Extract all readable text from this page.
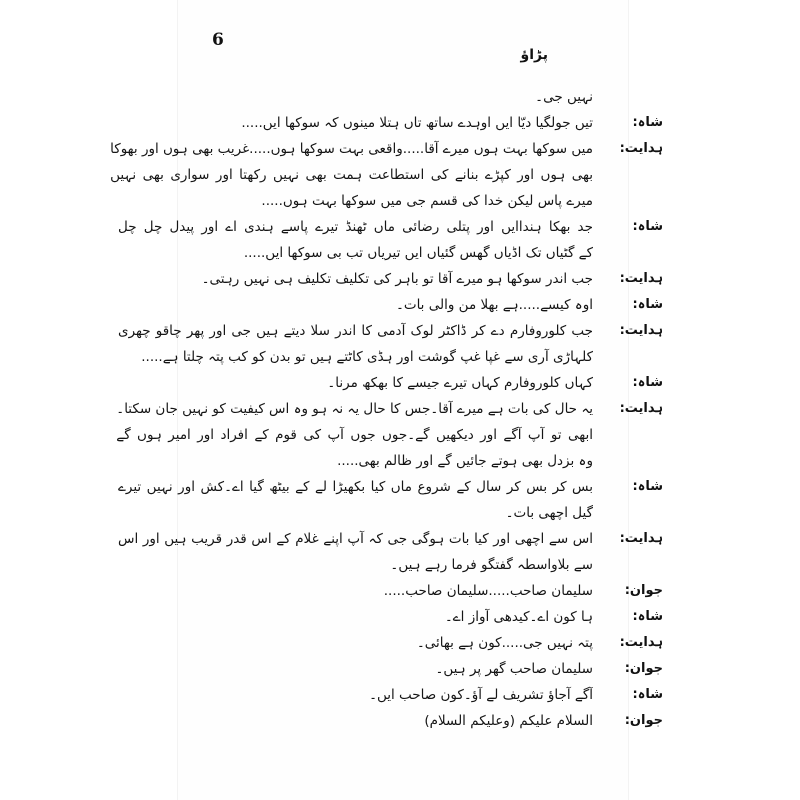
6
پڑاؤ
نہیں جی۔
شاہ:
تیں جولگیا دیّا ایں اوہدے ساتھ تاں ہتلا مینوں کہ سوکھا ایں.....
ہدایت:
میں سوکھا بہت ہوں میرے آقا.....واقعی بہت سوکھا ہوں.....غریب بھی ہوں اور بھوکا
بھی ہوں اور کپڑے بنانے کی استطاعت ہمت بھی نہیں رکھتا اور سواری بھی نہیں
میرے پاس لیکن خدا کی قسم جی میں سوکھا بہت ہوں.....
شاہ:
جد بھکا ہنداایں اور پتلی رضائی ماں ٹھنڈ تیرے پاسے ہندی اے اور پیدل چل چل
کے گٹیاں تک اڈیاں گھس گئیاں ایں تیریاں تب بی سوکھا ایں.....
ہدایت:
جب اندر سوکھا ہو میرے آقا تو باہر کی تکلیف تکلیف ہی نہیں رہتی۔
شاہ:
اوہ کیسے.....ہے بھلا من والی بات۔
ہدایت:
جب کلوروفارم دے کر ڈاکٹر لوک آدمی کا اندر سلا دیتے ہیں جی اور پھر چاقو چھری
کلہاڑی آری سے غپا غپ گوشت اور ہڈی کاٹتے ہیں تو بدن کو کب پتہ چلتا ہے.....
شاہ:
کہاں کلوروفارم کہاں تیرے جیسے کا بھکھ مرنا۔
ہدایت:
یہ حال کی بات ہے میرے آقا۔جس کا حال یہ نہ ہو وہ اس کیفیت کو نہیں جان سکتا۔
ابھی تو آپ آگے اور دیکھیں گے۔جوں جوں آپ کی قوم کے افراد اور امیر ہوں گے
وہ بزدل بھی ہوتے جائیں گے اور ظالم بھی.....
شاہ:
بس کر بس کر سال کے شروع ماں کیا بکھیڑا لے کے بیٹھ گیا اے۔کش اور نہیں تیرے
گیل اچھی بات۔
ہدایت:
اس سے اچھی اور کیا بات ہوگی جی کہ آپ اپنے غلام کے اس قدر قریب ہیں اور اس
سے بلاواسطہ گفتگو فرما رہے ہیں۔
جوان:
سلیمان صاحب.....سلیمان صاحب.....
شاہ:
ہا کون اے۔کیدھی آواز اے۔
ہدایت:
پتہ نہیں جی.....کون ہے بھائی۔
جوان:
سلیمان صاحب گھر پر ہیں۔
شاہ:
آگے آجاؤ تشریف لے آؤ۔کون صاحب ایں۔
جوان:
السلام علیکم (وعلیکم السلام)
